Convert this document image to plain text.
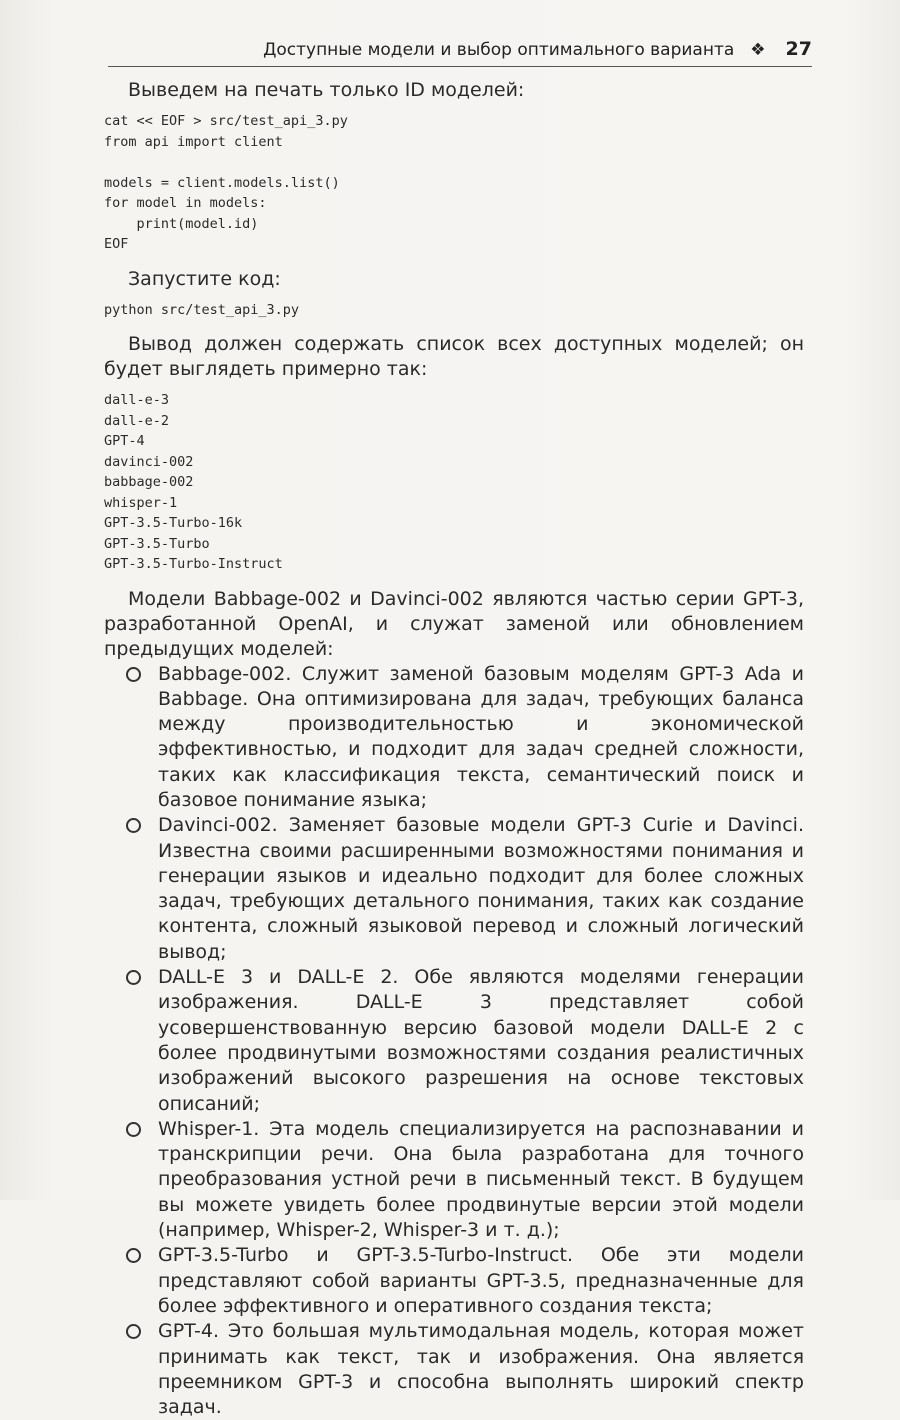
Доступные модели и выбор оптимального варианта ❖ 27

Выведем на печать только ID моделей:

cat << EOF > src/test_api_3.py
from api import client

models = client.models.list()
for model in models:
print(model.id)
EOF

Запустите код:

python src/test_api_3.py

Вывод должен содержать список всех доступных моделей; он будет выглядеть примерно так:

dall-e-3
dall-e-2
GPT-4
davinci-002
babbage-002
whisper-1
GPT-3.5-Turbo-16k
GPT-3.5-Turbo
GPT-3.5-Turbo-Instruct

Модели Babbage-002 и Davinci-002 являются частью серии GPT-3, разработанной OpenAI, и служат заменой или обновлением предыдущих моделей:

Babbage-002. Служит заменой базовым моделям GPT-3 Ada и Babbage. Она оптимизирована для задач, требующих баланса между производительностью и экономической эффективностью, и подходит для задач средней сложности, таких как классификация текста, семантический поиск и базовое понимание языка;
Davinci-002. Заменяет базовые модели GPT-3 Curie и Davinci. Известна своими расширенными возможностями понимания и генерации языков и идеально подходит для более сложных задач, требующих детального понимания, таких как создание контента, сложный языковой перевод и сложный логический вывод;
DALL-E 3 и DALL-E 2. Обе являются моделями генерации изображения. DALL-E 3 представляет собой усовершенствованную версию базовой модели DALL-E 2 с более продвинутыми возможностями создания реалистичных изображений высокого разрешения на основе текстовых описаний;
Whisper-1. Эта модель специализируется на распознавании и транскрипции речи. Она была разработана для точного преобразования устной речи в письменный текст. В будущем вы можете увидеть более продвинутые версии этой модели (например, Whisper-2, Whisper-3 и т. д.);
GPT-3.5-Turbo и GPT-3.5-Turbo-Instruct. Обе эти модели представляют собой варианты GPT-3.5, предназначенные для более эффективного и оперативного создания текста;
GPT-4. Это большая мультимодальная модель, которая может принимать как текст, так и изображения. Она является преемником GPT-3 и способна выполнять широкий спектр задач.
